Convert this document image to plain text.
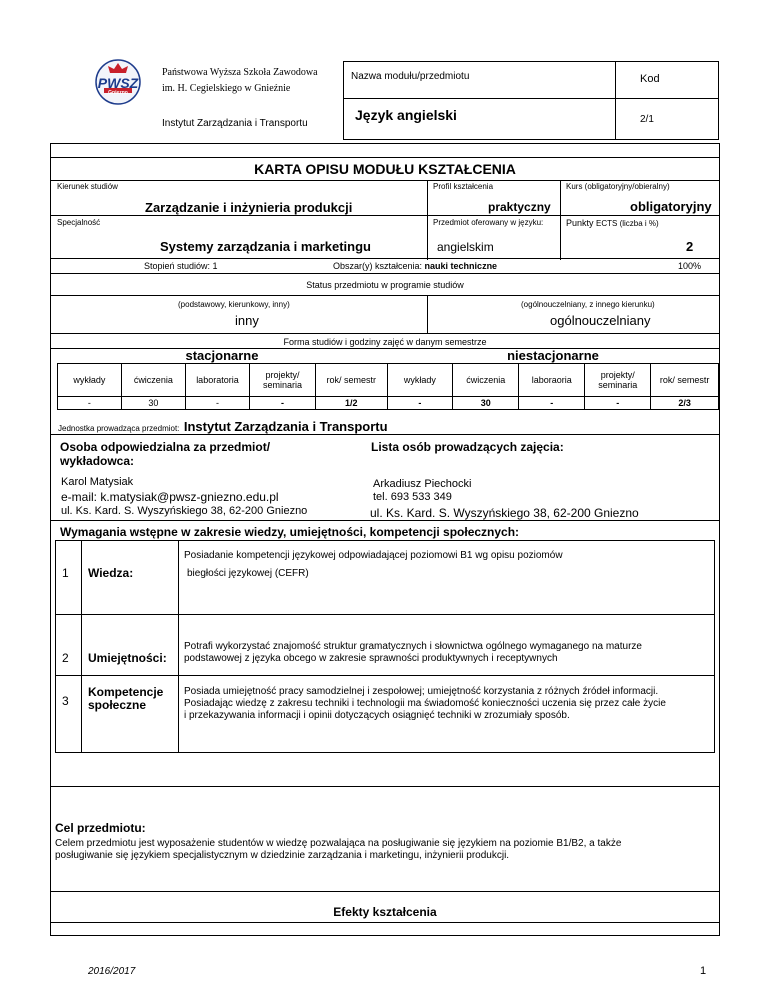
PWSZ
Gniezno
Państwowa Wyższa Szkoła Zawodowa
im. H. Cegielskiego w Gnieźnie
Instytut Zarządzania i Transportu
Nazwa modułu/przedmiotu
Język angielski
Kod
2/1
KARTA OPISU MODUŁU KSZTAŁCENIA
Kierunek studiów
Zarządzanie i inżynieria produkcji
Profil kształcenia
praktyczny
Kurs (obligatoryjny/obieralny)
obligatoryjny
Specjalność
Systemy zarządzania i marketingu
Przedmiot oferowany w języku:
angielskim
Punkty ECTS (liczba i %)
2
Stopień studiów: 1	Obszar(y) kształcenia: nauki techniczne	100%
Status przedmiotu w programie studiów
(podstawowy, kierunkowy, inny)
inny
(ogólnouczelniany, z innego kierunku)
ogólnouczelniany
Forma studiów i godziny zajęć w danym semestrze
stacjonarne	niestacjonarne
wykłady	ćwiczenia	laboratoria	projekty/ seminaria	rok/ semestr	wykłady	ćwiczenia	laboraoria	projekty/ seminaria	rok/ semestr
-	30	-	-	1/2	-	30	-	-	2/3
Jednostka prowadząca przedmiot: Instytut Zarządzania i Transportu
Osoba odpowiedzialna za przedmiot/ wykładowca:
Lista osób prowadzących zajęcia:
Karol Matysiak
e-mail: k.matysiak@pwsz-gniezno.edu.pl
ul. Ks. Kard. S. Wyszyńskiego 38, 62-200 Gniezno
Arkadiusz Piechocki
tel. 693 533 349
ul. Ks. Kard. S. Wyszyńskiego 38, 62-200 Gniezno
Wymagania wstępne w zakresie wiedzy, umiejętności, kompetencji społecznych:
1 Wiedza:
Posiadanie kompetencji językowej odpowiadającej poziomowi B1 wg opisu poziomów
biegłości językowej (CEFR)
2 Umiejętności:
Potrafi wykorzystać znajomość struktur gramatycznych i słownictwa ogólnego wymaganego na maturze
podstawowej z języka obcego w zakresie sprawności produktywnych i receptywnych
3
Kompetencje społeczne
Posiada umiejętność pracy samodzielnej i zespołowej; umiejętność korzystania z różnych źródeł informacji.
Posiadając wiedzę z zakresu techniki i technologii ma świadomość konieczności uczenia się przez całe życie
i przekazywania informacji i opinii dotyczących osiągnięć techniki w zrozumiały sposób.
Cel przedmiotu:
Celem przedmiotu jest wyposażenie studentów w wiedzę pozwalająca na posługiwanie się językiem na poziomie B1/B2, a także
posługiwanie się językiem specjalistycznym w dziedzinie zarządzania i marketingu, inżynierii produkcji.
Efekty kształcenia
2016/2017	1
